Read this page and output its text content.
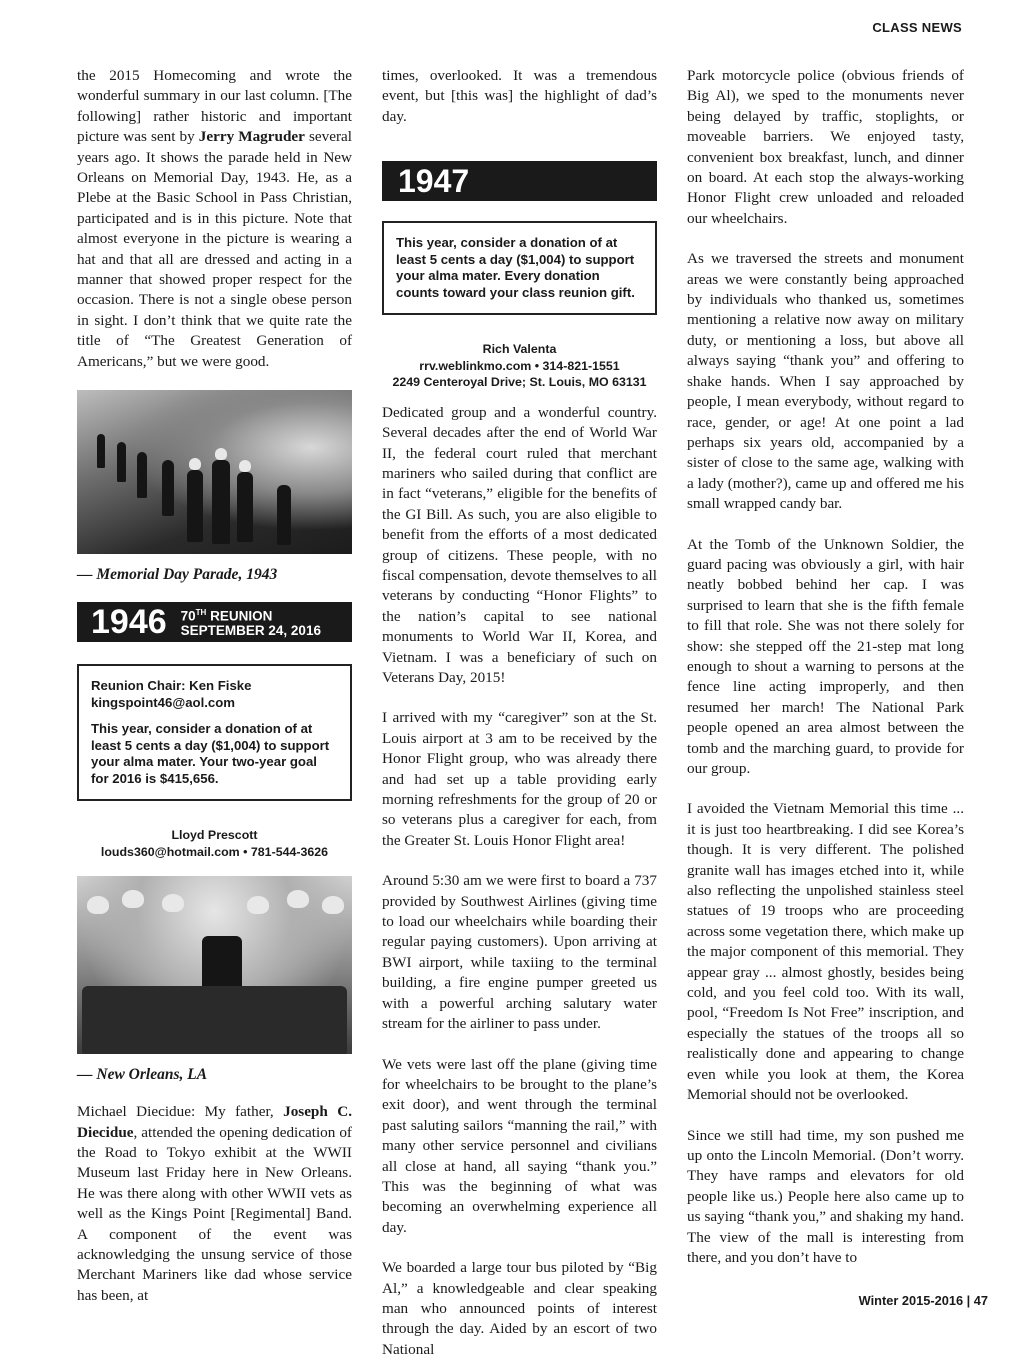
CLASS NEWS

the 2015 Homecoming and wrote the wonderful summary in our last column. [The following] rather historic and important picture was sent by Jerry Magruder several years ago. It shows the parade held in New Orleans on Memorial Day, 1943. He, as a Plebe at the Basic School in Pass Christian, participated and is in this picture. Note that almost everyone in the picture is wearing a hat and that all are dressed and acting in a manner that showed proper respect for the occasion. There is not a single obese person in sight. I don’t think that we quite rate the title of “The Greatest Generation of Americans,” but we were good.

— Memorial Day Parade, 1943
1946	70TH REUNION
SEPTEMBER 24, 2016
Reunion Chair: Ken Fiske
kingspoint46@aol.com
This year, consider a donation of at least 5 cents a day ($1,004) to support your alma mater. Your two-year goal for 2016 is $415,656.
Lloyd Prescott
louds360@hotmail.com • 781-544-3626
— New Orleans, LA

Michael Diecidue: My father, Joseph C. Diecidue, attended the opening dedication of the Road to Tokyo exhibit at the WWII Museum last Friday here in New Orleans. He was there along with other WWII vets as well as the Kings Point [Regimental] Band. A component of the event was acknowledging the unsung service of those Merchant Mariners like dad whose service has been, at

times, overlooked. It was a tremendous event, but [this was] the highlight of dad’s day.

1947
This year, consider a donation of at least 5 cents a day ($1,004) to support your alma mater. Every donation counts toward your class reunion gift.
Rich Valenta
rrv.weblinkmo.com • 314-821-1551
2249 Centeroyal Drive; St. Louis, MO 63131

Dedicated group and a wonderful country. Several decades after the end of World War II, the federal court ruled that merchant mariners who sailed during that conflict are in fact “veterans,” eligible for the benefits of the GI Bill. As such, you are also eligible to benefit from the efforts of a most dedicated group of citizens. These people, with no fiscal compensation, devote themselves to all veterans by conducting “Honor Flights” to the nation’s capital to see national monuments to World War II, Korea, and Vietnam. I was a beneficiary of such on Veterans Day, 2015!

I arrived with my “caregiver” son at the St. Louis airport at 3 am to be received by the Honor Flight group, who was already there and had set up a table providing early morning refreshments for the group of 20 or so veterans plus a caregiver for each, from the Greater St. Louis Honor Flight area!

Around 5:30 am we were first to board a 737 provided by Southwest Airlines (giving time to load our wheelchairs while boarding their regular paying customers). Upon arriving at BWI airport, while taxiing to the terminal building, a fire engine pumper greeted us with a powerful arching salutary water stream for the airliner to pass under.

We vets were last off the plane (giving time for wheelchairs to be brought to the plane’s exit door), and went through the terminal past saluting sailors “manning the rail,” with many other service personnel and civilians all close at hand, all saying “thank you.” This was the beginning of what was becoming an overwhelming experience all day.

We boarded a large tour bus piloted by “Big Al,” a knowledgeable and clear speaking man who announced points of interest through the day. Aided by an escort of two National

Park motorcycle police (obvious friends of Big Al), we sped to the monuments never being delayed by traffic, stoplights, or moveable barriers. We enjoyed tasty, convenient box breakfast, lunch, and dinner on board. At each stop the always-working Honor Flight crew unloaded and reloaded our wheelchairs.

As we traversed the streets and monument areas we were constantly being approached by individuals who thanked us, sometimes mentioning a relative now away on military duty, or mentioning a loss, but above all always saying “thank you” and offering to shake hands. When I say approached by people, I mean everybody, without regard to race, gender, or age! At one point a lad perhaps six years old, accompanied by a sister of close to the same age, walking with a lady (mother?), came up and offered me his small wrapped candy bar.

At the Tomb of the Unknown Soldier, the guard pacing was obviously a girl, with hair neatly bobbed behind her cap. I was surprised to learn that she is the fifth female to fill that role. She was not there solely for show: she stepped off the 21-step mat long enough to shout a warning to persons at the fence line acting improperly, and then resumed her march! The National Park people opened an area almost between the tomb and the marching guard, to provide for our group.

I avoided the Vietnam Memorial this time ... it is just too heartbreaking. I did see Korea’s though. It is very different. The polished granite wall has images etched into it, while also reflecting the unpolished stainless steel statues of 19 troops who are proceeding across some vegetation there, which make up the major component of this memorial. They appear gray ... almost ghostly, besides being cold, and you feel cold too. With its wall, pool, “Freedom Is Not Free” inscription, and especially the statues of the troops all so realistically done and appearing to change even while you look at them, the Korea Memorial should not be overlooked.

Since we still had time, my son pushed me up onto the Lincoln Memorial. (Don’t worry. They have ramps and elevators for old people like us.) People here also came up to us saying “thank you,” and shaking my hand. The view of the mall is interesting from there, and you don’t have to

Winter 2015-2016 | 47
